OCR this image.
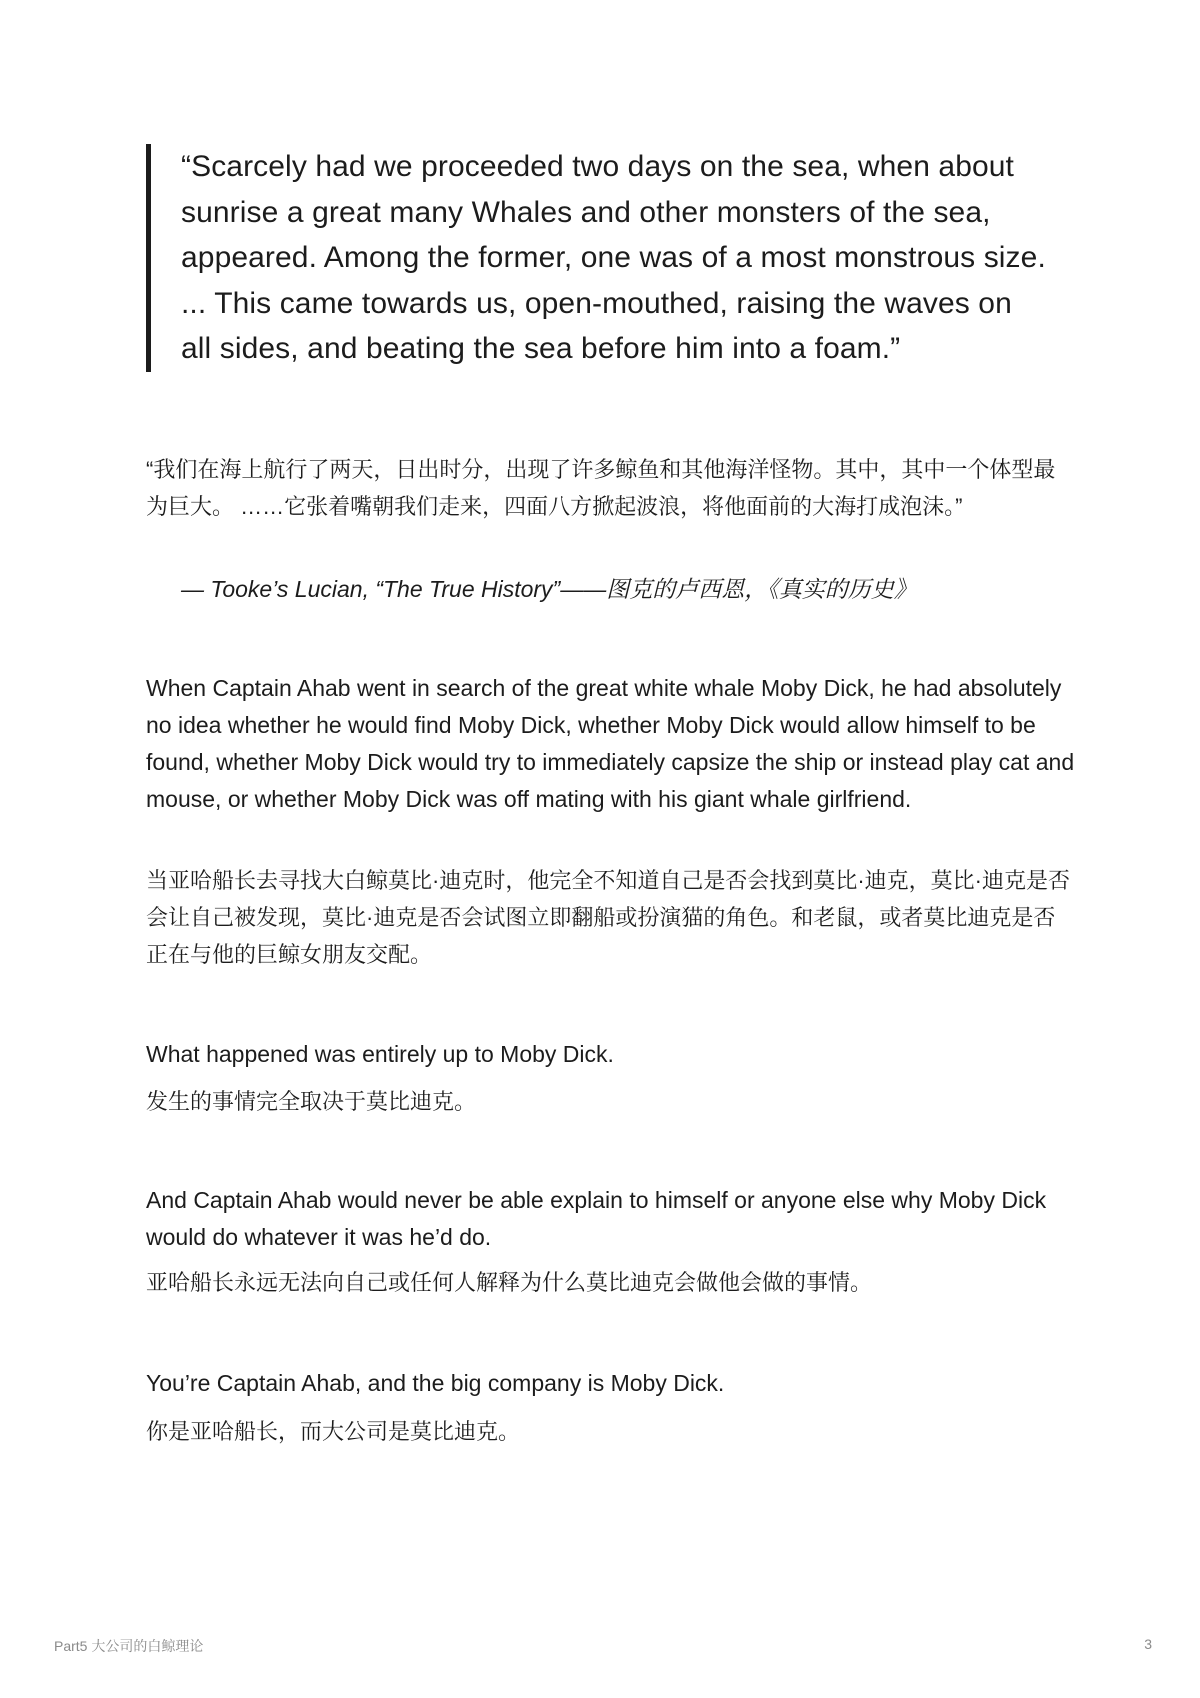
“Scarcely had we proceeded two days on the sea, when about sunrise a great many Whales and other monsters of the sea, appeared. Among the former, one was of a most monstrous size. ... This came towards us, open-mouthed, raising the waves on all sides, and beating the sea before him into a foam.”

“我们在海上航行了两天，日出时分，出现了许多鲸鱼和其他海洋怪物。其中，其中一个体型最为巨大。 ……它张着嘴朝我们走来，四面八方掀起波浪，将他面前的大海打成泡沫。”

— Tooke’s Lucian, “The True History”——图克的卢西恩，《真实的历史》

When Captain Ahab went in search of the great white whale Moby Dick, he had absolutely no idea whether he would find Moby Dick, whether Moby Dick would allow himself to be found, whether Moby Dick would try to immediately capsize the ship or instead play cat and mouse, or whether Moby Dick was off mating with his giant whale girlfriend.

当亚哈船长去寻找大白鲸莫比·迪克时，他完全不知道自己是否会找到莫比·迪克，莫比·迪克是否会让自己被发现，莫比·迪克是否会试图立即翻船或扮演猫的角色。和老鼠，或者莫比迪克是否正在与他的巨鲸女朋友交配。

What happened was entirely up to Moby Dick.

发生的事情完全取决于莫比迪克。

And Captain Ahab would never be able explain to himself or anyone else why Moby Dick would do whatever it was he’d do.

亚哈船长永远无法向自己或任何人解释为什么莫比迪克会做他会做的事情。

You’re Captain Ahab, and the big company is Moby Dick.

你是亚哈船长，而大公司是莫比迪克。

Part5 大公司的白鲸理论	3
